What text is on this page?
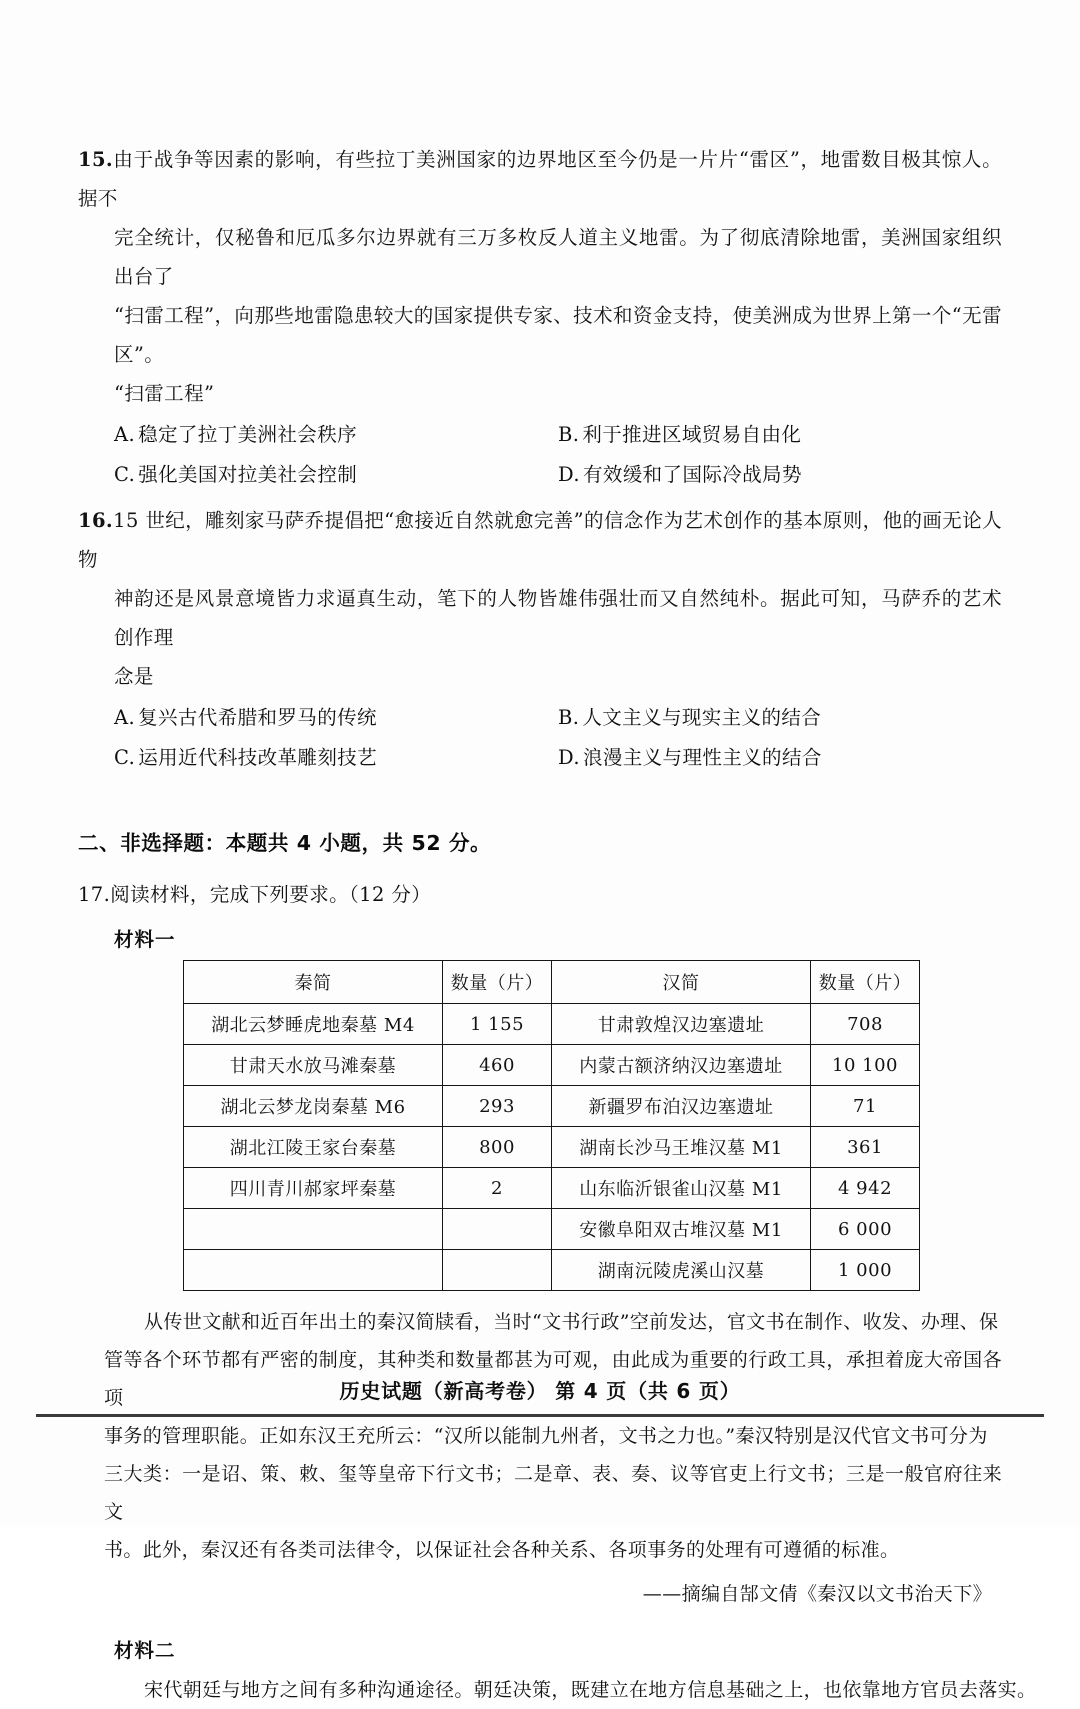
15.由于战争等因素的影响，有些拉丁美洲国家的边界地区至今仍是一片片“雷区”，地雷数目极其惊人。据不
完全统计，仅秘鲁和厄瓜多尔边界就有三万多枚反人道主义地雷。为了彻底清除地雷，美洲国家组织出台了
“扫雷工程”，向那些地雷隐患较大的国家提供专家、技术和资金支持，使美洲成为世界上第一个“无雷区”。
“扫雷工程”
A. 稳定了拉丁美洲社会秩序	B. 利于推进区域贸易自由化
C. 强化美国对拉美社会控制	D. 有效缓和了国际冷战局势
16.15 世纪，雕刻家马萨乔提倡把“愈接近自然就愈完善”的信念作为艺术创作的基本原则，他的画无论人物
神韵还是风景意境皆力求逼真生动，笔下的人物皆雄伟强壮而又自然纯朴。据此可知，马萨乔的艺术创作理
念是
A. 复兴古代希腊和罗马的传统	B. 人文主义与现实主义的结合
C. 运用近代科技改革雕刻技艺	D. 浪漫主义与理性主义的结合
二、非选择题：本题共 4 小题，共 52 分。
17.阅读材料，完成下列要求。（12 分）
材料一
秦简	数量（片）	汉简	数量（片）
湖北云梦睡虎地秦墓 M4	1 155	甘肃敦煌汉边塞遗址	708
甘肃天水放马滩秦墓	460	内蒙古额济纳汉边塞遗址	10 100
湖北云梦龙岗秦墓 M6	293	新疆罗布泊汉边塞遗址	71
湖北江陵王家台秦墓	800	湖南长沙马王堆汉墓 M1	361
四川青川郝家坪秦墓	2	山东临沂银雀山汉墓 M1	4 942
		安徽阜阳双古堆汉墓 M1	6 000
		湖南沅陵虎溪山汉墓	1 000
从传世文献和近百年出土的秦汉简牍看，当时“文书行政”空前发达，官文书在制作、收发、办理、保
管等各个环节都有严密的制度，其种类和数量都甚为可观，由此成为重要的行政工具，承担着庞大帝国各项
事务的管理职能。正如东汉王充所云：“汉所以能制九州者，文书之力也。”秦汉特别是汉代官文书可分为
三大类：一是诏、策、敕、玺等皇帝下行文书；二是章、表、奏、议等官吏上行文书；三是一般官府往来文
书。此外，秦汉还有各类司法律令，以保证社会各种关系、各项事务的处理有可遵循的标准。
——摘编自郜文倩《秦汉以文书治天下》
材料二
宋代朝廷与地方之间有多种沟通途径。朝廷决策，既建立在地方信息基础之上，也依靠地方官员去落实。
历史试题（新高考卷） 第 4 页（共 6 页）
